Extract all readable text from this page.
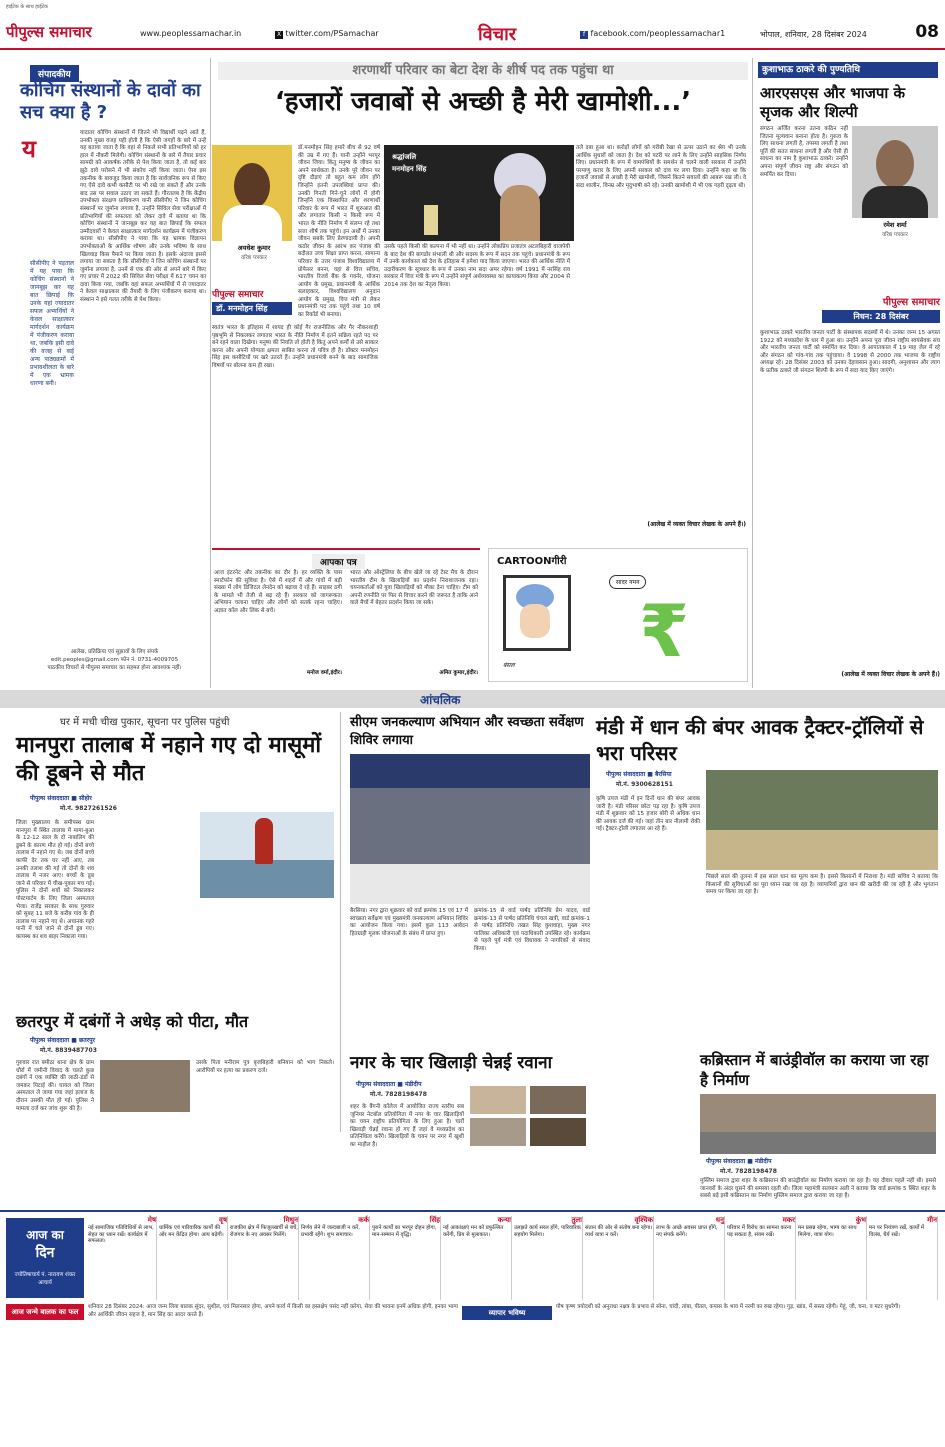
पीपुल्स समाचार	www.peoplessamachar.in	X twitter.com/PSamachar	विचार	f facebook.com/peoplessamachar1	भोपाल, शनिवार, 28 दिसंबर 2024	08
हाईटेक के साथ हाईटेक
संपादकीय
कोचिंग संस्थानों के दावों का सच क्या है ?
य
यादातर कोचिंग संस्थानों में जितने भी विद्यार्थी पढ़ने आते हैं, उनकी मुख्य वजह यही होती है कि ऐसी जगहों के बारे में उन्हें यह बताया जाता है कि वहां से निकले सभी प्रतिभागियों को हर हाल में नौकरी मिलेगी। कोचिंग संस्थानों के बारे में तैयार प्रचार सामग्री को आकर्षक तरीके से पेश किया जाता है, तो कई बार झूठे दावे परोसने में भी संकोच नहीं किया जाता। ऐसा इस तकनीक के बावजूद किया जाता है कि सार्वजनिक रूप से किए गए ऐसे दावे कभी कसौटी पर भी रखे जा सकते हैं और उनके बाद उस पर सवाल उठाए जा सकते हैं। गौरतलब है कि केंद्रीय उपभोक्ता संरक्षण प्राधिकरण यानी सीसीपीए ने जिन कोचिंग संस्थानों पर जुर्माना लगाया है, उन्होंने सिविल सेवा परीक्षाओं में प्रतिभागियों की सफलता को लेकर दावे में बताया था कि कोचिंग संस्थानों ने जानबूझ कर यह बात छिपाई कि सफल उम्मीदवारों ने केवल साक्षात्कार मार्गदर्शन कार्यक्रम में पंजीकरण कराया था। सीसीपीए ने पाया कि यह भ्रामक विज्ञापन उपभोक्ताओं के आर्थिक शोषण और उनके भविष्य के साथ खिलवाड़ किस पैमाने पर किया जाता है। इसके अंदाजा इससे लगाया जा सकता है कि सीसीपीए ने जिन कोचिंग संस्थानों पर जुर्माना लगाया है, उनमें से एक की ओर से अपने बारे में किए गए प्रचार में 2022 की सिविल सेवा परीक्षा में 617 चयन का दावा किया गया, जबकि वहां सफल अभ्यर्थियों में से ज्यादातर ने केवल साक्षात्कार की तैयारी के लिए पंजीकरण कराया था। संस्थान ने इसे गलत तरीके से पेश किया।
सीसीपीए ने पड़ताल में यह पाया कि कोचिंग संस्थानों ने जानबूझ कर यह बात छिपाई कि उनके यहां ज्यादातर सफल अभ्यर्थियों ने केवल साक्षात्कार मार्गदर्शन कार्यक्रम में पंजीकरण कराया था, जबकि इसी दावे की वजह से कई अन्य पाठ्यक्रमों में प्रभावशीलता के बारे में एक भ्रामक धारणा बनी।
आलेख, प्रतिक्रिया एवं सुझावों के लिए संपर्क
edit.peoples@gmail.com फोन नं. 0731-4009705
पाठकीय विचारों से पीपुल्स समाचार का सहमत होना आवश्यक नहीं।
शरणार्थी परिवार का बेटा देश के शीर्ष पद तक पहुंचा था
‘हजारों जवाबों से अच्छी है मेरी खामोशी...’
अयधेश कुमार
वरिष्ठ पत्रकार
डॉ.मनमोहन सिंह हमारे बीच से 92 वर्ष की उम्र में गए हैं। यानी उन्होंने भरपूर जीवन जिया। किंतु मनुष्य के जीवन का अपने सार्थकता है। उनके पूरे जीवन पर दृष्टि दौड़ाएं तो बहुत कम लोग होंगे जिन्होंने इतनी उपलब्धियां प्राप्त की। उनकी गिनती गिने-चुने लोगों में होगी जिन्होंने एक विस्थापित और शरणार्थी परिवार के रूप में भारत में शुरुआत की और लगातार किसी न किसी रूप में भारत के नीति निर्माण में संलग्न रहे तथा सत्ता शीर्ष तक पहुंचे। इन अर्थों में उनका जीवन सबके लिए प्रेरणादायी है। अपनी कठोर जीवन के आरंभ कर पंजाब की बदौलत उच्च शिक्षा प्राप्त करना, सामान्य परिवार के उत्तर पंजाब विश्वविद्यालय में प्रोफेसर बनना, वहां से वित्त सचिव, भारतीय रिजर्व बैंक के गवर्नर, योजना आयोग के प्रमुख, प्रधानमंत्री के आर्थिक सलाहकार, विश्वविद्यालय अनुदान आयोग के प्रमुख, वित्त मंत्री से लेकर प्रधानमंत्री पद तक पहुंचे तथा 10 वर्ष का रिकॉर्ड भी बनाया।
पीपुल्स समाचार
डॉ. मनमोहन सिंह
स्वतंत्र भारत के इतिहास में शायद ही कोई गैर राजनीतिक और गैर नौकरशाही पृष्ठभूमि से निकलकर लगातार भारत के नीति निर्माण में इतने सक्रिय रहते पद पर बने रहने वाला दिखेगा। मनुष्य की नियति तो होती है किंतु अपने कर्मों से उसे साकार करना और अपनी योग्यता क्षमता साबित करना तो पवित्र ही है। डॉक्टर मनमोहन सिंह इस कसौटियों पर खरे उतरते हैं। उन्होंने प्रधानमंत्री बनने के बाद सामाजिक विषयों पर बोलना कम ही रखा।
श्रद्धांजलि
मनमोहन सिंह
उसके पहले किसी की कल्पना में भी नहीं था। उन्होंने लोकप्रिय प्रजातंत्र अटलबिहारी वाजपेयी के बाद देश की बागडोर संभाली थी और सदस्य के रूप में सदन तक पहुंचे। प्रधानमंत्री के रूप में उनके कार्यकाल को देश के इतिहास में हमेशा याद किया जाएगा। भारत की आर्थिक नीति में उदारीकरण के सूत्रधार के रूप में उनका नाम सदा अमर रहेगा। वर्ष 1991 में नरसिंह राव सरकार में वित्त मंत्री के रूप में उन्होंने संपूर्ण अर्थव्यवस्था का कायाकल्प किया और 2004 से 2014 तक देश का नेतृत्व किया।
तले दबा हुआ था। करोड़ों लोगों को गरीबी रेखा से ऊपर उठाने का श्रेय भी उनके आर्थिक सुधारों को जाता है। देश को पटरी पर लाने के लिए उन्होंने साहसिक निर्णय लिए। प्रधानमंत्री के रूप में वामपंथियों के समर्थन से चलने वाली सरकार में उन्होंने परमाणु करार के लिए अपनी सरकार को दांव पर लगा दिया। उन्होंने कहा था कि हजारों जवाबों से अच्छी है मेरी खामोशी, जिसने कितने सवालों की आबरू रख ली। वे सदा शालीन, विनम्र और मृदुभाषी बने रहे। उनकी खामोशी में भी एक गहरी दृढ़ता थी।
(आलेख में व्यक्त विचार लेखक के अपने हैं।)
आपका पत्र
आज इंटरनेट और तकनीक का दौर है। हर व्यक्ति के पास स्मार्टफोन की सुविधा है। ऐसे में शहरों में और गांवों में बड़ी संख्या में लोग डिजिटल लेनदेन को बढ़ावा दे रहे हैं। साइबर ठगी के मामले भी तेजी से बढ़ रहे हैं। सरकार को जागरूकता अभियान चलाना चाहिए और लोगों को सतर्क रहना चाहिए। अज्ञात कॉल और लिंक से बचें।
मनोज वर्मा,इंदौर।
भारत और ऑस्ट्रेलिया के बीच खेले जा रहे टेस्ट मैच के दौरान भारतीय टीम के खिलाड़ियों का प्रदर्शन निराशाजनक रहा। चयनकर्ताओं को युवा खिलाड़ियों को मौका देना चाहिए। टीम को अपनी रणनीति पर फिर से विचार करने की जरूरत है ताकि आने वाले मैचों में बेहतर प्रदर्शन किया जा सके।
अमित कुमार,इंदौर।
CARTOONगीरी
सादर नमन
₹
बंसल
कुशाभाऊ ठाकरे की पुण्यतिथि
आरएसएस और भाजपा के सृजक और शिल्पी
संगठन अर्जित करना उतना कठिन नहीं जितना मूल्यवान बनाना होता है। गुरुत्व के लिए साधना लगती है, तपस्या लगती है तथा पूर्ति की सतत साधना लगती है और ऐसी ही साधना का नाम है कुशाभाऊ ठाकरे। उन्होंने अपना संपूर्ण जीवन राष्ट्र और संगठन को समर्पित कर दिया।
रमेश शर्मा
वरिष्ठ पत्रकार
पीपुल्स समाचार
निधन: 28 दिसंबर
कुशाभाऊ ठाकरे भारतीय जनता पार्टी के संस्थापक सदस्यों में थे। उनका जन्म 15 अगस्त 1922 को मध्यप्रदेश के धार में हुआ था। उन्होंने अपना पूरा जीवन राष्ट्रीय स्वयंसेवक संघ और भारतीय जनता पार्टी को समर्पित कर दिया। वे आपातकाल में 19 माह जेल में रहे और संगठन को गांव-गांव तक पहुंचाया। वे 1998 से 2000 तक भाजपा के राष्ट्रीय अध्यक्ष रहे। 28 दिसंबर 2003 को उनका देहावसान हुआ। सादगी, अनुशासन और त्याग के प्रतीक ठाकरे जी संगठन शिल्पी के रूप में सदा याद किए जाएंगे।
(आलेख में व्यक्त विचार लेखक के अपने हैं।)
आंचलिक
घर में मची चीख पुकार, सूचना पर पुलिस पहुंची
मानपुरा तालाब में नहाने गए दो मासूमों की डूबने से मौत
पीपुल्स संवाददाता ■ सीहोर
मो.नं. 9827261526
जिला मुख्यालय के समीपस्थ ग्राम मानपुरा में स्थित तालाब में मामा-बुआ के 12-12 साल के दो नाबालिग की डूबने के कारण मौत हो गई। दोनों बच्चे तालाब में नहाने गए थे। जब दोनों बच्चे काफी देर तक घर नहीं आए, तब उनकी तलाश की गई तो दोनों के शव तालाब में नजर आए। बच्चों के डूब जाने से परिवार में चीख-पुकार मच गई। पुलिस ने दोनों शवों को निकालकर पोस्टमार्टम के लिए जिला अस्पताल भेजा। राजेंद्र सरकार के साथ गुरुवार को सुबह 11 बजे के करीब गांव के ही तालाब पर नहाने गए थे। अचानक गहरे पानी में चले जाने से दोनों डूब गए। कायस्थ का शव बाहर निकाला गया।
छतरपुर में दबंगों ने अधेड़ को पीटा, मौत
पीपुल्स संवाददाता ■ छतरपुर
मो.नं. 8839487703
गुरुवार रात बमीठा थाना क्षेत्र के ग्राम धौर्रा में जमीनी विवाद के चलते कुछ दबंगों ने एक व्यक्ति की लाठी-डंडों से जमकर पिटाई की। घायल को जिला अस्पताल ले जाया गया जहां इलाज के दौरान उसकी मौत हो गई। पुलिस ने मामला दर्ज कर जांच शुरू की है।
उसके पिता मनीराम पुत्र बृजबिहारी बनियान को भाग निकले। आरोपियों पर हत्या का प्रकरण दर्ज।
सीएम जनकल्याण अभियान और स्वच्छता सर्वेक्षण शिविर लगाया
बैरसिया। नगर द्वारा शुक्रवार को वार्ड क्रमांक 15 एवं 17 में स्वच्छता सर्वेक्षण एवं मुख्यमंत्री जनकल्याण अभियान शिविर का आयोजन किया गया। इसमें कुल 113 आवेदन हितग्राही मूलक योजनाओं के संबंध में प्राप्त हुए।
क्रमांक-15 से वार्ड पार्षद प्रतिनिधि प्रेम यादव, वार्ड क्रमांक-13 से पार्षद प्रतिनिधि चंचल खत्री, वार्ड क्रमांक-1 से पार्षद प्रतिनिधि तखत सिंह कुशवाहा, मुख्य नगर पालिका अधिकारी एवं पदाधिकारी उपस्थित रहे। कार्यक्रम से पहले पूर्व मंत्री एवं विधायक ने नागरिकों से संवाद किया।
नगर के चार खिलाड़ी चेन्नई रवाना
पीपुल्स संवाददाता ■ मंडीदीप
मो.नं. 7828198478
शहर के बैंगनी कॉलेज में आयोजित राज्य स्तरीय सब जूनियर नेटबॉल प्रतियोगिता में नगर के चार खिलाड़ियों का चयन राष्ट्रीय प्रतियोगिता के लिए हुआ है। चारों खिलाड़ी चेन्नई रवाना हो गए हैं जहां वे मध्यप्रदेश का प्रतिनिधित्व करेंगे। खिलाड़ियों के चयन पर नगर में खुशी का माहौल है।
मंडी में धान की बंपर आवक ट्रैक्टर-ट्रॉलियों से भरा परिसर
पीपुल्स संवाददाता ■ बैरसिया
मो.नं. 9300628151
कृषि उपज मंडी में इन दिनों धान की बंपर आवक जारी है। मंडी परिसर छोटा पड़ रहा है। कृषि उपज मंडी में शुक्रवार को 15 हजार बोरी से अधिक धान की आवक दर्ज की गई। जहां तीन बार नीलामी रोकी गई। ट्रैक्टर-ट्रॉली लगातार आ रहे हैं।
पिछले साल की तुलना में इस साल धान का मूल्य कम है। इससे किसानों में निराशा है। मंडी सचिव ने बताया कि किसानों की सुविधाओं का पूरा ध्यान रखा जा रहा है। व्यापारियों द्वारा धान की खरीदी की जा रही है और भुगतान समय पर किया जा रहा है।
कब्रिस्तान में बाउंड्रीवॉल का कराया जा रहा है निर्माण
पीपुल्स संवाददाता ■ मंडीदीप
मो.नं. 7828198478
मुस्लिम समाज द्वारा शहर के कब्रिस्तान की बाउंड्रीवॉल का निर्माण कराया जा रहा है। यह दीवार पहले नहीं थी। इससे जानवरों के अंदर घुसने की समस्या रहती थी। जिला महामंत्री सलमान अली ने बताया कि वार्ड क्रमांक 5 स्थित शहर के सबसे बड़े इसी कब्रिस्तान का निर्माण मुस्लिम समाज द्वारा कराया जा रहा है।
आज का
दिन
ज्योतिषाचार्य पं. नारायण शंकर आचार्य
मेष
नई सामाजिक गतिविधियों से लाभ, सेहत का ध्यान रखें। कार्यक्षेत्र में सफलता।
वृष
धार्मिक एवं पारिवारिक कार्यों की ओर मन केंद्रित होगा। आय बढ़ेगी।
मिथुन
राजकीय क्षेत्र में फिजूलखर्ची से बचें, रोजगार के नए अवसर मिलेंगे।
कर्क
निर्णय लेने में जल्दबाजी न करें, प्रभावी रहेंगे। शुभ समाचार।
सिंह
पुराने कार्यों का भरपूर दोहन होगा, मान-सम्मान में वृद्धि।
कन्या
नई आकांक्षाएं मन को प्रफुल्लित करेंगी, प्रिय से मुलाकात।
तुला
उलझते कार्य सरल होंगे, पारिवारिक सहयोग मिलेगा।
वृश्चिक
संतान की ओर से संतोष बना रहेगा। व्यर्थ यात्रा न करें।
धनु
लाभ के अच्छे अवसर प्राप्त होंगे, नए संपर्क बनेंगे।
मकर
परिवार में विरोध का सामना करना पड़ सकता है, संयम रखें।
कुंभ
मन प्रसन्न रहेगा, भाग्य का साथ मिलेगा, यात्रा योग।
मीन
मन पर नियंत्रण रखें, कार्यों में विलंब, धैर्य रखें।
आज जन्मे बालक का फल
शनिवार 28 दिसंबर 2024: आज जन्म लिया बालक सुंदर, सुशील, एवं मिलनसार होगा, अपने कार्य में किसी का हस्तक्षेप पसंद नहीं करेगा, सेवा की भावना इनमें अधिक होगी, इनका भाग्य और आर्थिकी जीवन सहज है, मान सिंह का आदर करते हैं।	व्यापार भविष्य
पौष कृष्ण त्रयोदशी को अनुराधा नक्षत्र के प्रभाव से सोना, चांदी, तांबा, पीतल, कपास के भाव में नरमी का रुख रहेगा। गुड़, खांड, में सस्ता रहेगी। गेहूं, जौ, चना, व मटर सुधरेगी।
